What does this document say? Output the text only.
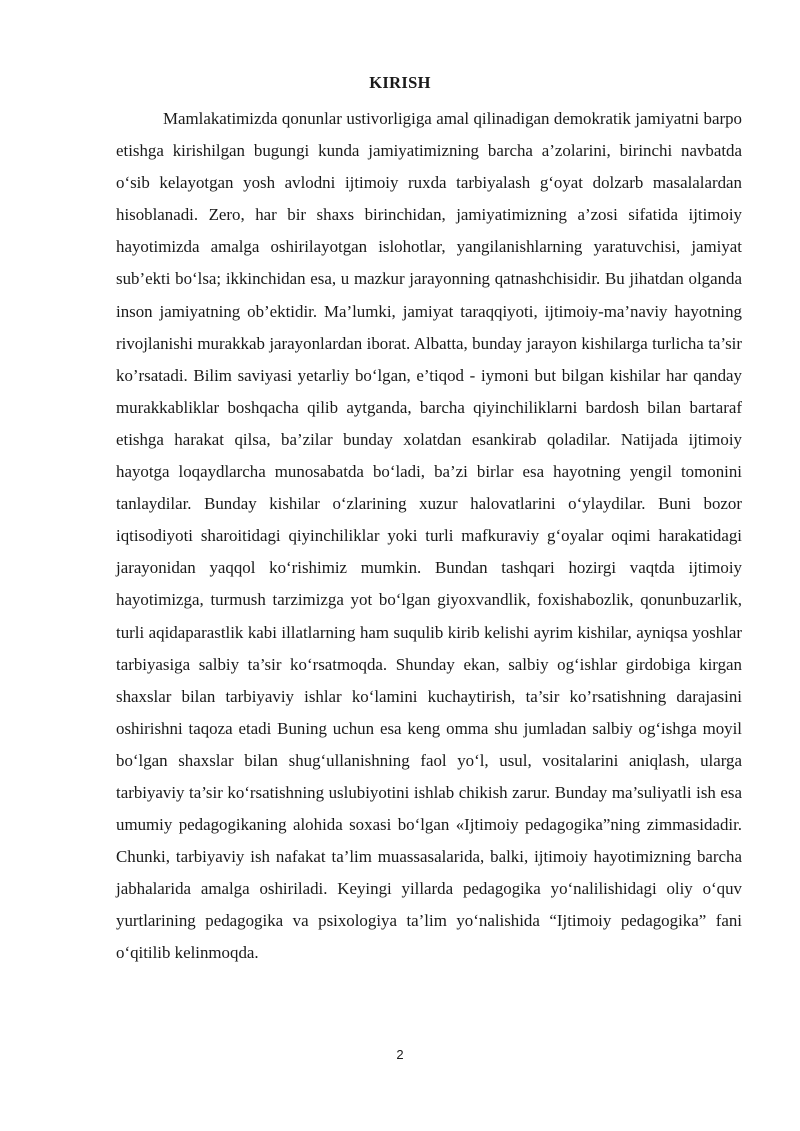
KIRISH

Mamlakatimizda qonunlar ustivorligiga amal qilinadigan demokratik jamiyatni barpo etishga kirishilgan bugungi kunda jamiyatimizning barcha a’zolarini, birinchi navbatda o‘sib kelayotgan yosh avlodni ijtimoiy ruxda tarbiyalash g‘oyat dolzarb masalalardan hisoblanadi. Zero, har bir shaxs birinchidan, jamiyatimizning a’zosi sifatida ijtimoiy hayotimizda amalga oshirilayotgan islohotlar, yangilanishlarning yaratuvchisi, jamiyat sub’ekti bo‘lsa; ikkinchidan esa, u mazkur jarayonning qatnashchisidir. Bu jihatdan olganda inson jamiyatning ob’ektidir. Ma’lumki, jamiyat taraqqiyoti, ijtimoiy-ma’naviy hayotning rivojlanishi murakkab jarayonlardan iborat. Albatta, bunday jarayon kishilarga turlicha ta’sir ko’rsatadi. Bilim saviyasi yetarliy bo‘lgan, e’tiqod - iymoni but bilgan kishilar har qanday murakkabliklar boshqacha qilib aytganda, barcha qiyinchiliklarni bardosh bilan bartaraf etishga harakat qilsa, ba’zilar bunday xolatdan esankirab qoladilar. Natijada ijtimoiy hayotga loqaydlarcha munosabatda bo‘ladi, ba’zi birlar esa hayotning yengil tomonini tanlaydilar. Bunday kishilar o‘zlarining xuzur halovatlarini o‘ylaydilar. Buni bozor iqtisodiyoti sharoitidagi qiyinchiliklar yoki turli mafkuraviy g‘oyalar oqimi harakatidagi jarayonidan yaqqol ko‘rishimiz mumkin. Bundan tashqari hozirgi vaqtda ijtimoiy hayotimizga, turmush tarzimizga yot bo‘lgan giyoxvandlik, foxishabozlik, qonunbuzarlik, turli aqidaparastlik kabi illatlarning ham suqulib kirib kelishi ayrim kishilar, ayniqsa yoshlar tarbiyasiga salbiy ta’sir ko‘rsatmoqda. Shunday ekan, salbiy og‘ishlar girdobiga kirgan shaxslar bilan tarbiyaviy ishlar ko‘lamini kuchaytirish, ta’sir ko’rsatishning darajasini oshirishni taqoza etadi Buning uchun esa keng omma shu jumladan salbiy og‘ishga moyil bo‘lgan shaxslar bilan shug‘ullanishning faol yo‘l, usul, vositalarini aniqlash, ularga tarbiyaviy ta’sir ko‘rsatishning uslubiyotini ishlab chikish zarur. Bunday ma’suliyatli ish esa umumiy pedagogikaning alohida soxasi bo‘lgan «Ijtimoiy pedagogika”ning zimmasidadir. Chunki, tarbiyaviy ish nafakat ta’lim muassasalarida, balki, ijtimoiy hayotimizning barcha jabhalarida amalga oshiriladi. Keyingi yillarda pedagogika yo‘nalilishidagi oliy o‘quv yurtlarining pedagogika va psixologiya ta’lim yo‘nalishida “Ijtimoiy pedagogika” fani o‘qitilib kelinmoqda.

2
